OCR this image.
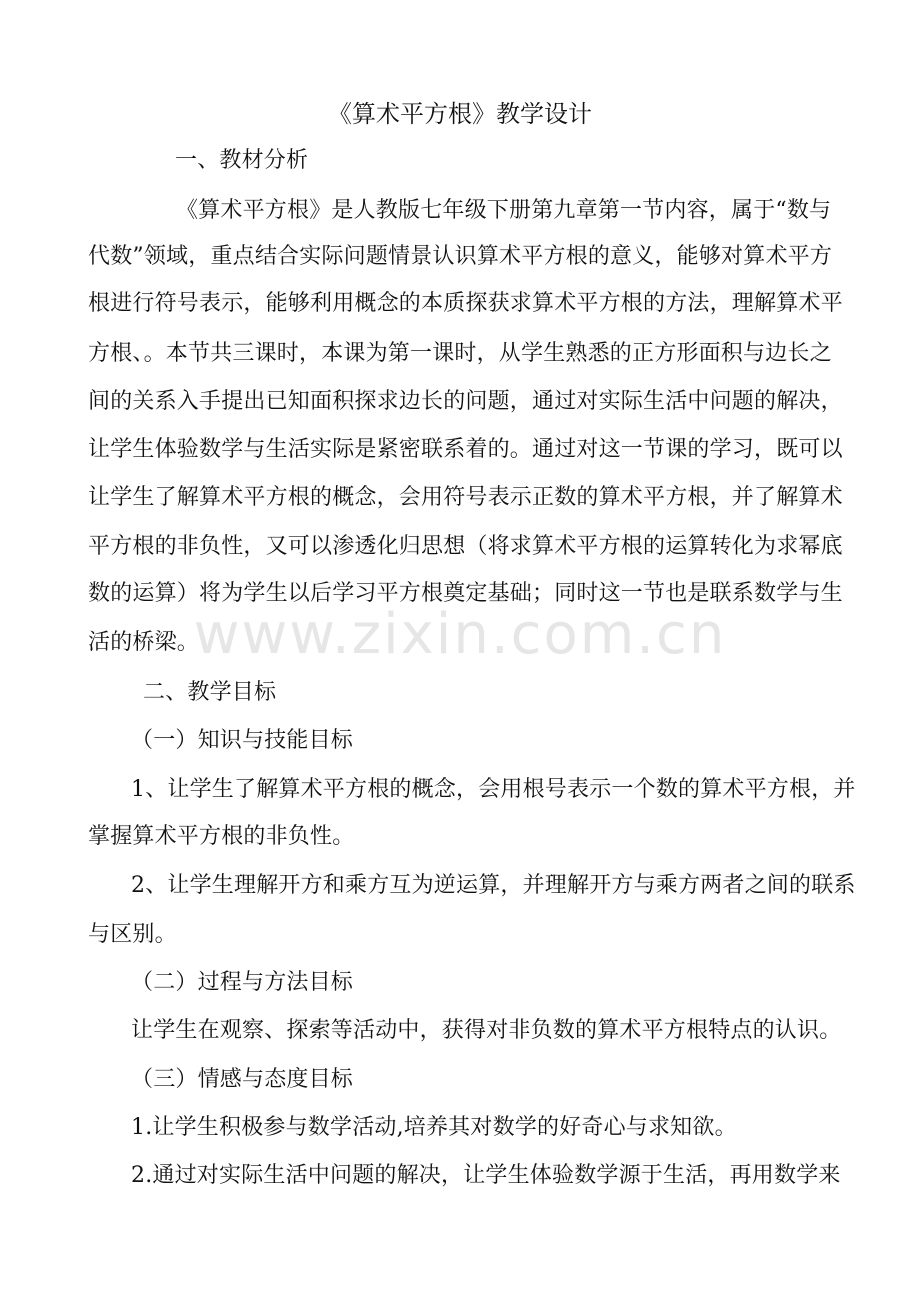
《算术平方根》教学设计
一、教材分析
《算术平方根》是人教版七年级下册第九章第一节内容，属于“数与
代数”领域，重点结合实际问题情景认识算术平方根的意义，能够对算术平方
根进行符号表示，能够利用概念的本质探获求算术平方根的方法，理解算术平
方根、。本节共三课时，本课为第一课时，从学生熟悉的正方形面积与边长之
间的关系入手提出已知面积探求边长的问题，通过对实际生活中问题的解决，
让学生体验数学与生活实际是紧密联系着的。通过对这一节课的学习，既可以
让学生了解算术平方根的概念，会用符号表示正数的算术平方根，并了解算术
平方根的非负性，又可以渗透化归思想（将求算术平方根的运算转化为求幂底
数的运算）将为学生以后学习平方根奠定基础；同时这一节也是联系数学与生
活的桥梁。
二、教学目标
（一）知识与技能目标
1、让学生了解算术平方根的概念，会用根号表示一个数的算术平方根，并
掌握算术平方根的非负性。
2、让学生理解开方和乘方互为逆运算，并理解开方与乘方两者之间的联系
与区别。
（二）过程与方法目标
让学生在观察、探索等活动中，获得对非负数的算术平方根特点的认识。
（三）情感与态度目标
1.让学生积极参与数学活动,培养其对数学的好奇心与求知欲。
2.通过对实际生活中问题的解决，让学生体验数学源于生活，再用数学来
www.zixin.com.cn
